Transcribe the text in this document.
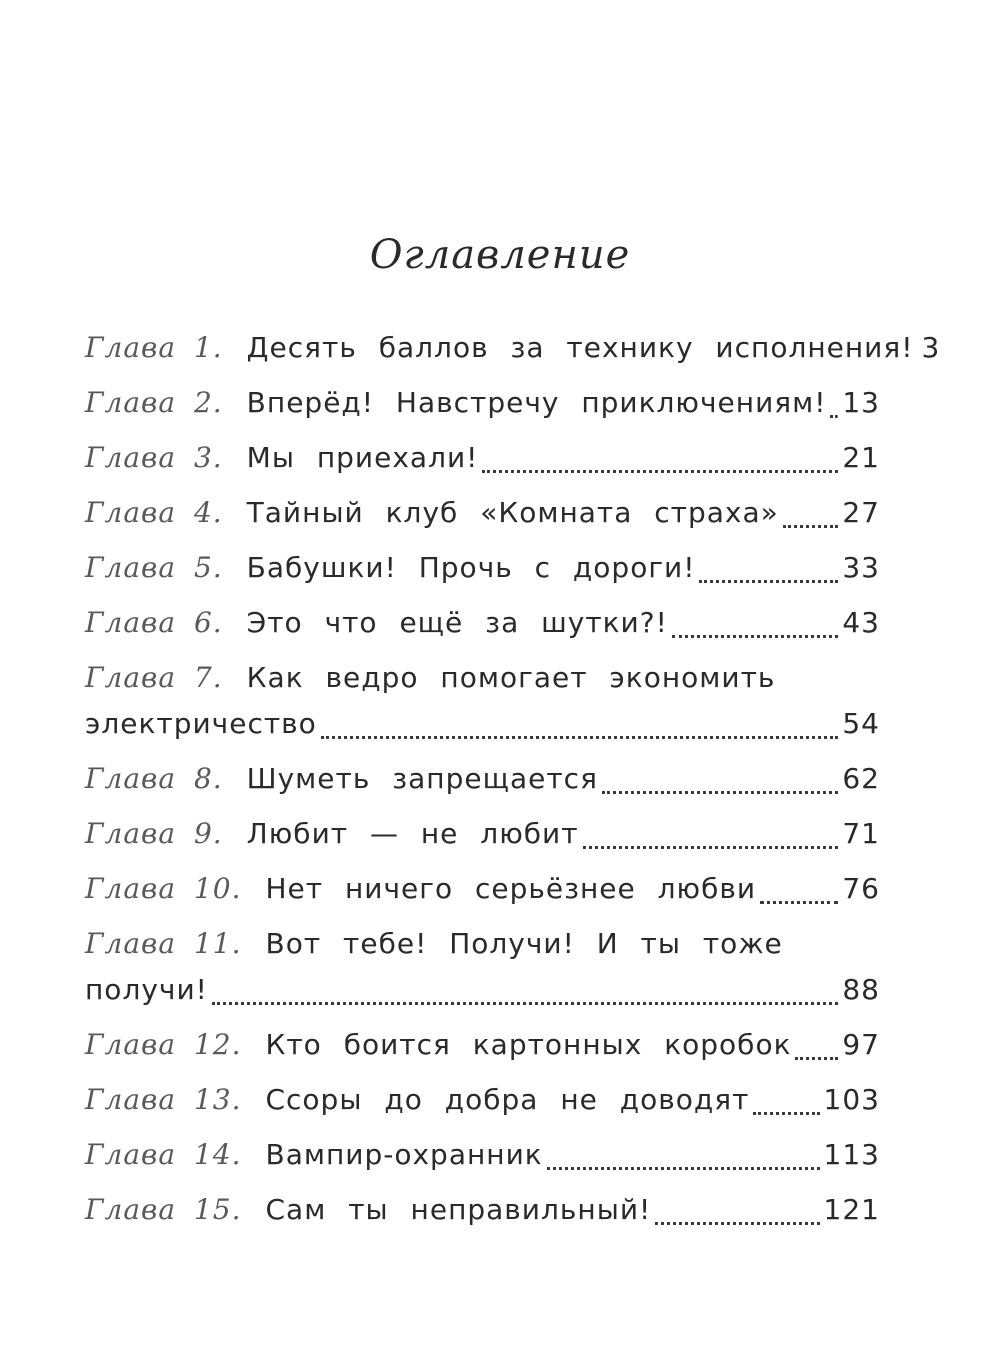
Оглавление
Глава 1. Десять баллов за технику исполнения! 3
Глава 2. Вперёд! Навстречу приключениям! 13
Глава 3. Мы приехали!	21
Глава 4. Тайный клуб «Комната страха» 27
Глава 5. Бабушки! Прочь с дороги!	33
Глава 6. Это что ещё за шутки?!	43
Глава 7. Как ведро помогает экономить
электричество	54
Глава 8. Шуметь запрещается	62
Глава 9. Любит — не любит	71
Глава 10. Нет ничего серьёзнее любви	76
Глава 11. Вот тебе! Получи! И ты тоже
получи!	88
Глава 12. Кто боится картонных коробок 97
Глава 13. Ссоры до добра не доводят	103
Глава 14. Вампир-охранник	113
Глава 15. Сам ты неправильный!	121
